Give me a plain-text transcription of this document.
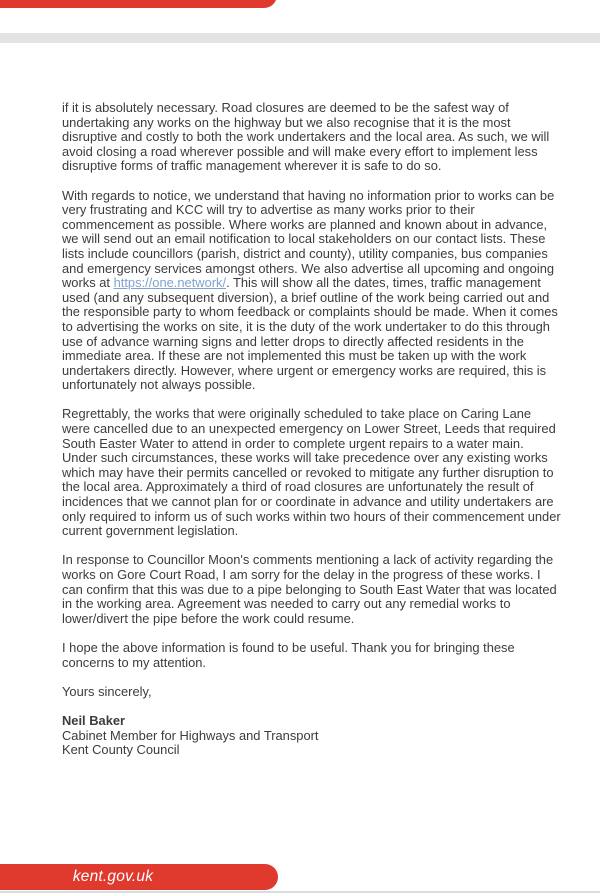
if it is absolutely necessary. Road closures are deemed to be the safest way of
undertaking any works on the highway but we also recognise that it is the most
disruptive and costly to both the work undertakers and the local area. As such, we will
avoid closing a road wherever possible and will make every effort to implement less
disruptive forms of traffic management wherever it is safe to do so.

With regards to notice, we understand that having no information prior to works can be
very frustrating and KCC will try to advertise as many works prior to their
commencement as possible. Where works are planned and known about in advance,
we will send out an email notification to local stakeholders on our contact lists. These
lists include councillors (parish, district and county), utility companies, bus companies
and emergency services amongst others. We also advertise all upcoming and ongoing
works at https://one.network/. This will show all the dates, times, traffic management
used (and any subsequent diversion), a brief outline of the work being carried out and
the responsible party to whom feedback or complaints should be made. When it comes
to advertising the works on site, it is the duty of the work undertaker to do this through
use of advance warning signs and letter drops to directly affected residents in the
immediate area. If these are not implemented this must be taken up with the work
undertakers directly. However, where urgent or emergency works are required, this is
unfortunately not always possible.

Regrettably, the works that were originally scheduled to take place on Caring Lane
were cancelled due to an unexpected emergency on Lower Street, Leeds that required
South Easter Water to attend in order to complete urgent repairs to a water main.
Under such circumstances, these works will take precedence over any existing works
which may have their permits cancelled or revoked to mitigate any further disruption to
the local area. Approximately a third of road closures are unfortunately the result of
incidences that we cannot plan for or coordinate in advance and utility undertakers are
only required to inform us of such works within two hours of their commencement under
current government legislation.

In response to Councillor Moon's comments mentioning a lack of activity regarding the
works on Gore Court Road, I am sorry for the delay in the progress of these works. I
can confirm that this was due to a pipe belonging to South East Water that was located
in the working area. Agreement was needed to carry out any remedial works to
lower/divert the pipe before the work could resume.

I hope the above information is found to be useful. Thank you for bringing these
concerns to my attention.

Yours sincerely,

Neil Baker
Cabinet Member for Highways and Transport
Kent County Council
kent.gov.uk
